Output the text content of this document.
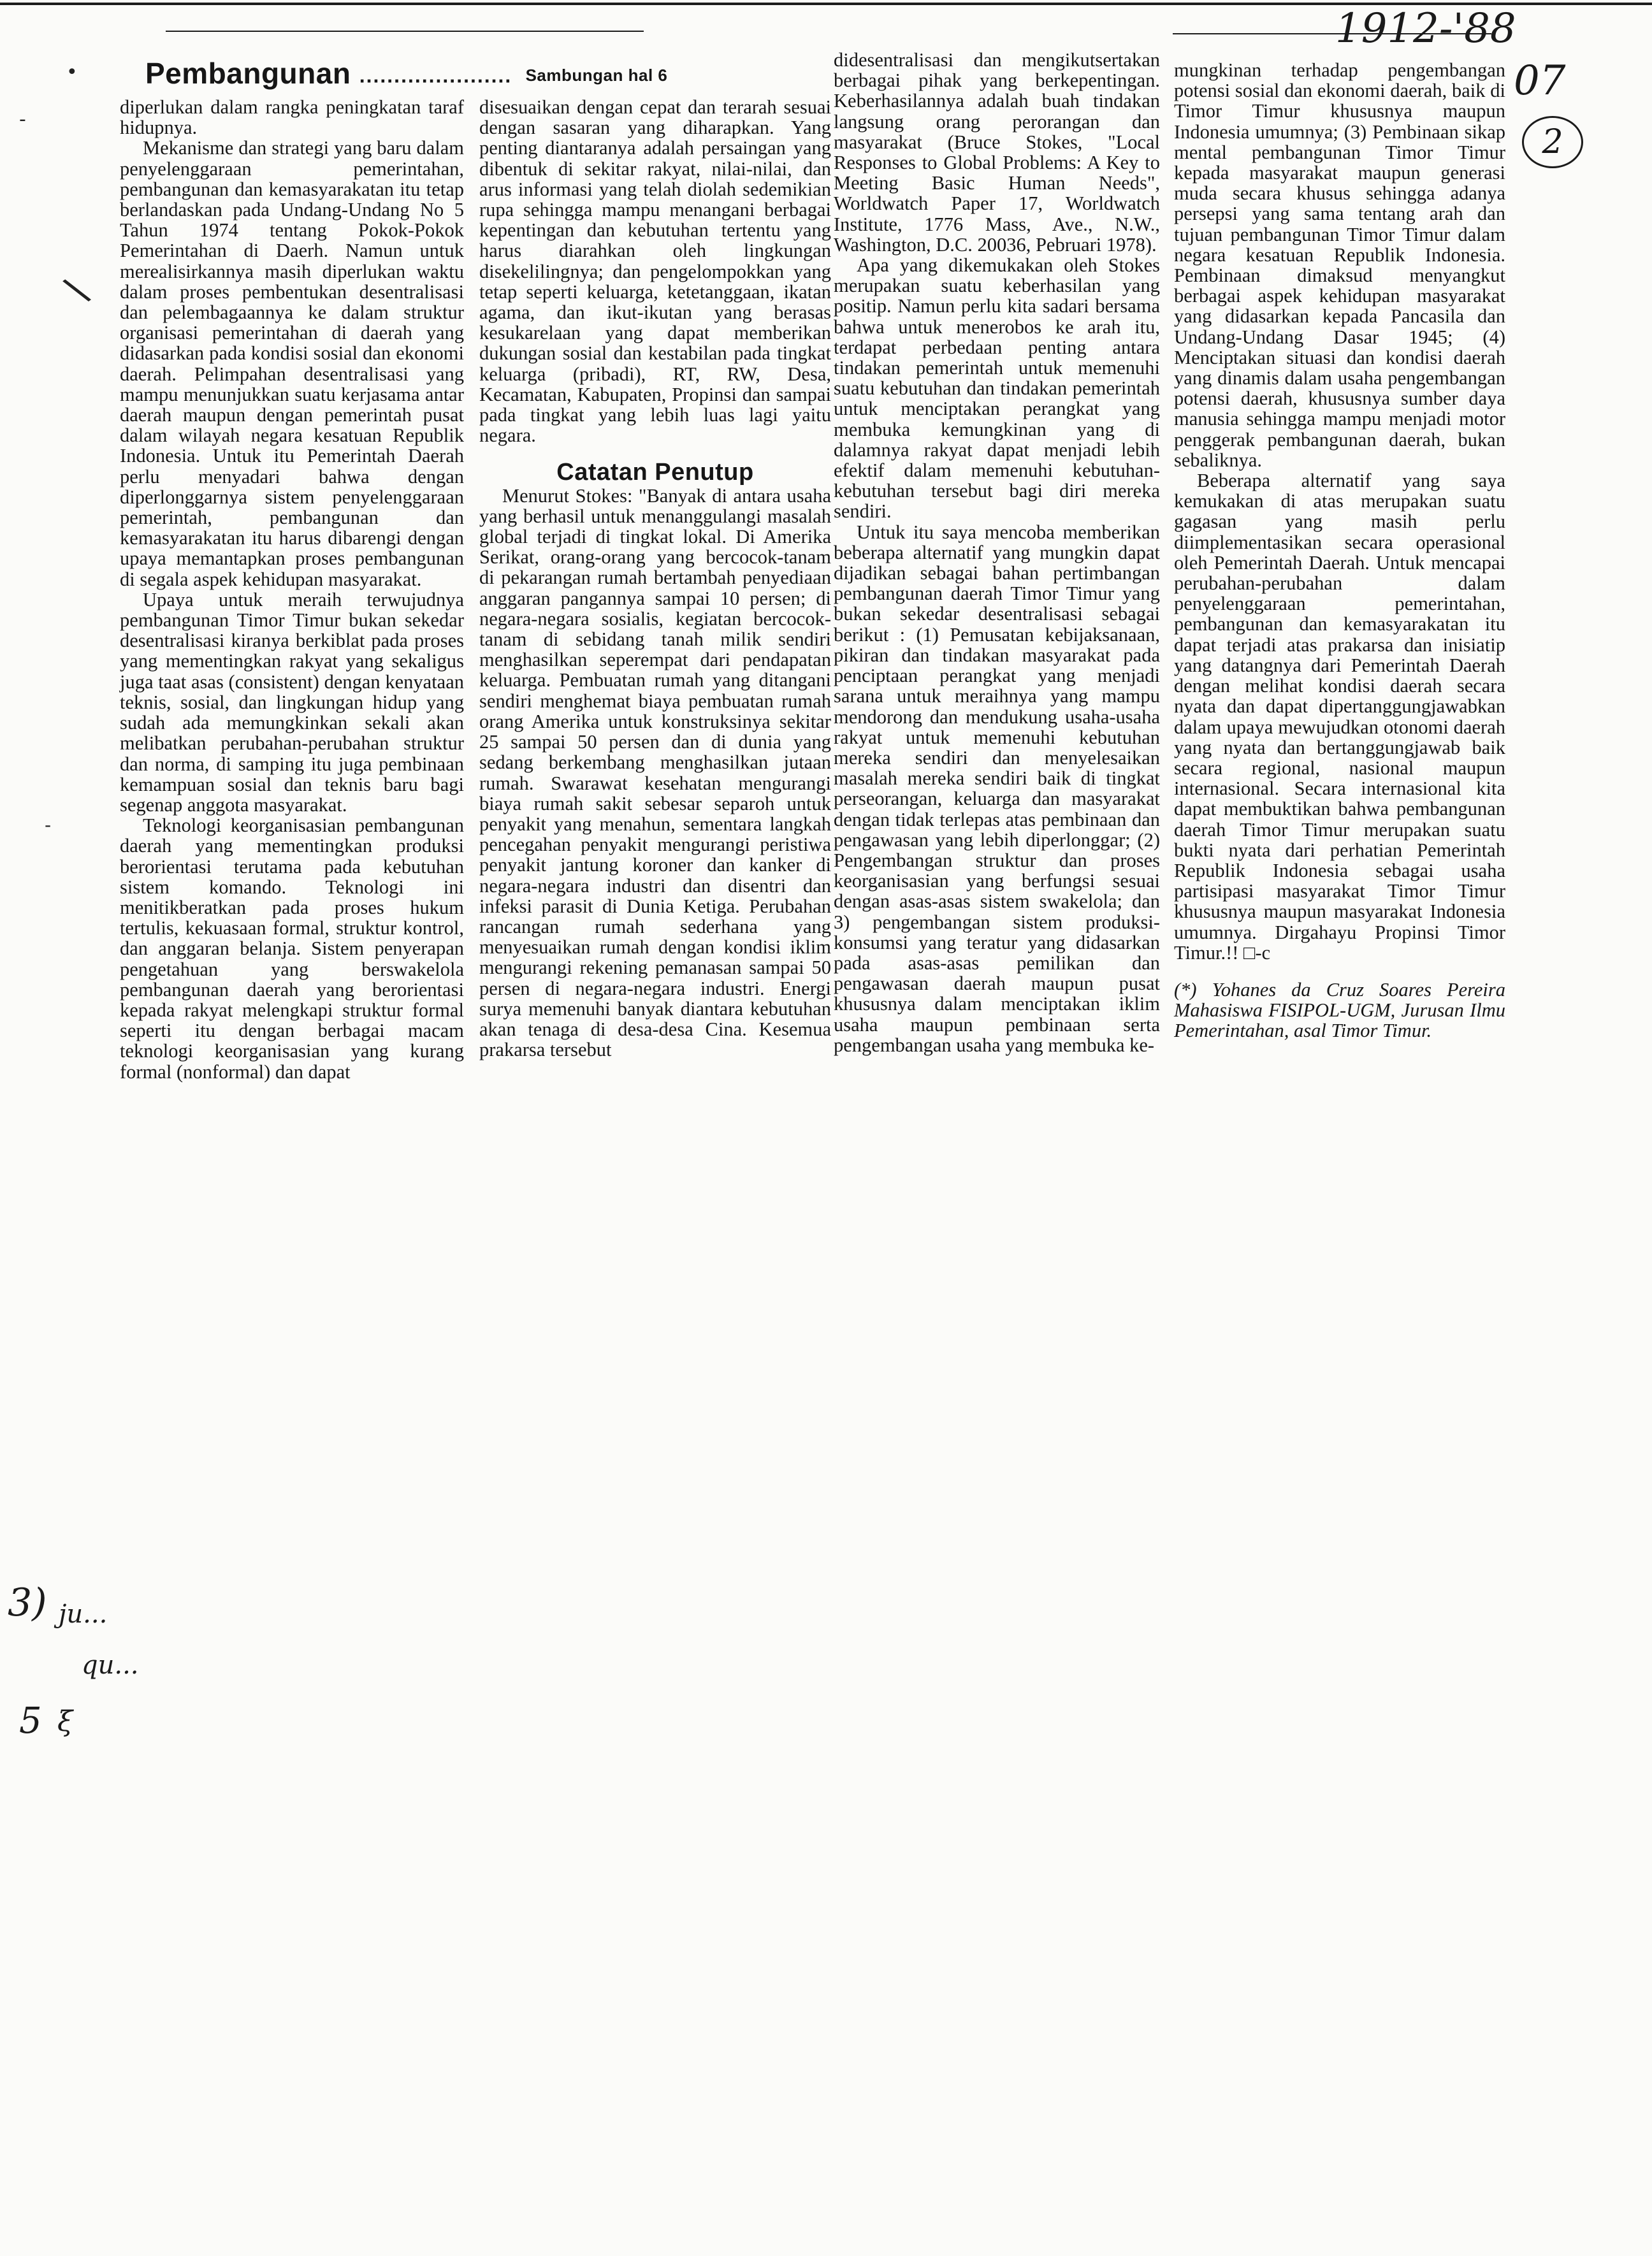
1912-'88
07
2
Pembangunan ...................... Sambungan hal 6
•

diperlukan dalam rangka peningkatan taraf hidupnya.

Mekanisme dan strategi yang baru dalam penyelenggaraan pemerintahan, pembangunan dan kemasyarakatan itu tetap berlandaskan pada Undang-Undang No 5 Tahun 1974 tentang Pokok-Pokok Pemerintahan di Daerh. Namun untuk merealisirkannya masih diperlukan waktu dalam proses pembentukan desentralisasi dan pelembagaannya ke dalam struktur organisasi pemerintahan di daerah yang didasarkan pada kondisi sosial dan ekonomi daerah. Pelimpahan desentralisasi yang mampu menunjukkan suatu kerjasama antar daerah maupun dengan pemerintah pusat dalam wilayah negara kesatuan Republik Indonesia. Untuk itu Pemerintah Daerah perlu menyadari bahwa dengan diperlonggarnya sistem penyelenggaraan pemerintah, pembangunan dan kemasyarakatan itu harus dibarengi dengan upaya memantapkan proses pembangunan di segala aspek kehidupan masyarakat.

Upaya untuk meraih terwujudnya pembangunan Timor Timur bukan sekedar desentralisasi kiranya berkiblat pada proses yang mementingkan rakyat yang sekaligus juga taat asas (consistent) dengan kenyataan teknis, sosial, dan lingkungan hidup yang sudah ada memungkinkan sekali akan melibatkan perubahan-perubahan struktur dan norma, di samping itu juga pembinaan kemampuan sosial dan teknis baru bagi segenap anggota masyarakat.

Teknologi keorganisasian pembangunan daerah yang mementingkan produksi berorientasi terutama pada kebutuhan sistem komando. Teknologi ini menitikberatkan pada proses hukum tertulis, kekuasaan formal, struktur kontrol, dan anggaran belanja. Sistem penyerapan pengetahuan yang berswakelola pembangunan daerah yang berorientasi kepada rakyat melengkapi struktur formal seperti itu dengan berbagai macam teknologi keorganisasian yang kurang formal (nonformal) dan dapat

disesuaikan dengan cepat dan terarah sesuai dengan sasaran yang diharapkan. Yang penting diantaranya adalah persaingan yang dibentuk di sekitar rakyat, nilai-nilai, dan arus informasi yang telah diolah sedemikian rupa sehingga mampu menangani berbagai kepentingan dan kebutuhan tertentu yang harus diarahkan oleh lingkungan disekelilingnya; dan pengelompokkan yang tetap seperti keluarga, ketetanggaan, ikatan agama, dan ikut-ikutan yang berasas kesukarelaan yang dapat memberikan dukungan sosial dan kestabilan pada tingkat keluarga (pribadi), RT, RW, Desa, Kecamatan, Kabupaten, Propinsi dan sampai pada tingkat yang lebih luas lagi yaitu negara.

Catatan Penutup

Menurut Stokes: "Banyak di antara usaha yang berhasil untuk menanggulangi masalah global terjadi di tingkat lokal. Di Amerika Serikat, orang-orang yang bercocok-tanam di pekarangan rumah bertambah penyediaan anggaran pangannya sampai 10 persen; di negara-negara sosialis, kegiatan bercocok-tanam di sebidang tanah milik sendiri menghasilkan seperempat dari pendapatan keluarga. Pembuatan rumah yang ditangani sendiri menghemat biaya pembuatan rumah orang Amerika untuk konstruksinya sekitar 25 sampai 50 persen dan di dunia yang sedang berkembang menghasilkan jutaan rumah. Swarawat kesehatan mengurangi biaya rumah sakit sebesar separoh untuk penyakit yang menahun, sementara langkah pencegahan penyakit mengurangi peristiwa penyakit jantung koroner dan kanker di negara-negara industri dan disentri dan infeksi parasit di Dunia Ketiga. Perubahan rancangan rumah sederhana yang menyesuaikan rumah dengan kondisi iklim mengurangi rekening pemanasan sampai 50 persen di negara-negara industri. Energi surya memenuhi banyak diantara kebutuhan akan tenaga di desa-desa Cina. Kesemua prakarsa tersebut

didesentralisasi dan mengikutsertakan berbagai pihak yang berkepentingan. Keberhasilannya adalah buah tindakan langsung orang perorangan dan masyarakat (Bruce Stokes, "Local Responses to Global Problems: A Key to Meeting Basic Human Needs", Worldwatch Paper 17, Worldwatch Institute, 1776 Mass, Ave., N.W., Washington, D.C. 20036, Pebruari 1978).

Apa yang dikemukakan oleh Stokes merupakan suatu keberhasilan yang positip. Namun perlu kita sadari bersama bahwa untuk menerobos ke arah itu, terdapat perbedaan penting antara tindakan pemerintah untuk memenuhi suatu kebutuhan dan tindakan pemerintah untuk menciptakan perangkat yang membuka kemungkinan yang di dalamnya rakyat dapat menjadi lebih efektif dalam memenuhi kebutuhan-kebutuhan tersebut bagi diri mereka sendiri.

Untuk itu saya mencoba memberikan beberapa alternatif yang mungkin dapat dijadikan sebagai bahan pertimbangan pembangunan daerah Timor Timur yang bukan sekedar desentralisasi sebagai berikut : (1) Pemusatan kebijaksanaan, pikiran dan tindakan masyarakat pada penciptaan perangkat yang menjadi sarana untuk meraihnya yang mampu mendorong dan mendukung usaha-usaha rakyat untuk memenuhi kebutuhan mereka sendiri dan menyelesaikan masalah mereka sendiri baik di tingkat perseorangan, keluarga dan masyarakat dengan tidak terlepas atas pembinaan dan pengawasan yang lebih diperlonggar; (2) Pengembangan struktur dan proses keorganisasian yang berfungsi sesuai dengan asas-asas sistem swakelola; dan 3) pengembangan sistem produksi-konsumsi yang teratur yang didasarkan pada asas-asas pemilikan dan pengawasan daerah maupun pusat khususnya dalam menciptakan iklim usaha maupun pembinaan serta pengembangan usaha yang membuka ke-

mungkinan terhadap pengembangan potensi sosial dan ekonomi daerah, baik di Timor Timur khususnya maupun Indonesia umumnya; (3) Pembinaan sikap mental pembangunan Timor Timur kepada masyarakat maupun generasi muda secara khusus sehingga adanya persepsi yang sama tentang arah dan tujuan pembangunan Timor Timur dalam negara kesatuan Republik Indonesia. Pembinaan dimaksud menyangkut berbagai aspek kehidupan masyarakat yang didasarkan kepada Pancasila dan Undang-Undang Dasar 1945; (4) Menciptakan situasi dan kondisi daerah yang dinamis dalam usaha pengembangan potensi daerah, khususnya sumber daya manusia sehingga mampu menjadi motor penggerak pembangunan daerah, bukan sebaliknya.

Beberapa alternatif yang saya kemukakan di atas merupakan suatu gagasan yang masih perlu diimplementasikan secara operasional oleh Pemerintah Daerah. Untuk mencapai perubahan-perubahan dalam penyelenggaraan pemerintahan, pembangunan dan kemasyarakatan itu dapat terjadi atas prakarsa dan inisiatip yang datangnya dari Pemerintah Daerah dengan melihat kondisi daerah secara nyata dan dapat dipertanggungjawabkan dalam upaya mewujudkan otonomi daerah yang nyata dan bertanggungjawab baik secara regional, nasional maupun internasional. Secara internasional kita dapat membuktikan bahwa pembangunan daerah Timor Timur merupakan suatu bukti nyata dari perhatian Pemerintah Republik Indonesia sebagai usaha partisipasi masyarakat Timor Timur khususnya maupun masyarakat Indonesia umumnya. Dirgahayu Propinsi Timor Timur.!! □-c

(*) Yohanes da Cruz Soares Pereira Mahasiswa FISIPOL-UGM, Jurusan Ilmu Pemerintahan, asal Timor Timur.

\
‐
-
3) ju...
qu...
5 ξ
